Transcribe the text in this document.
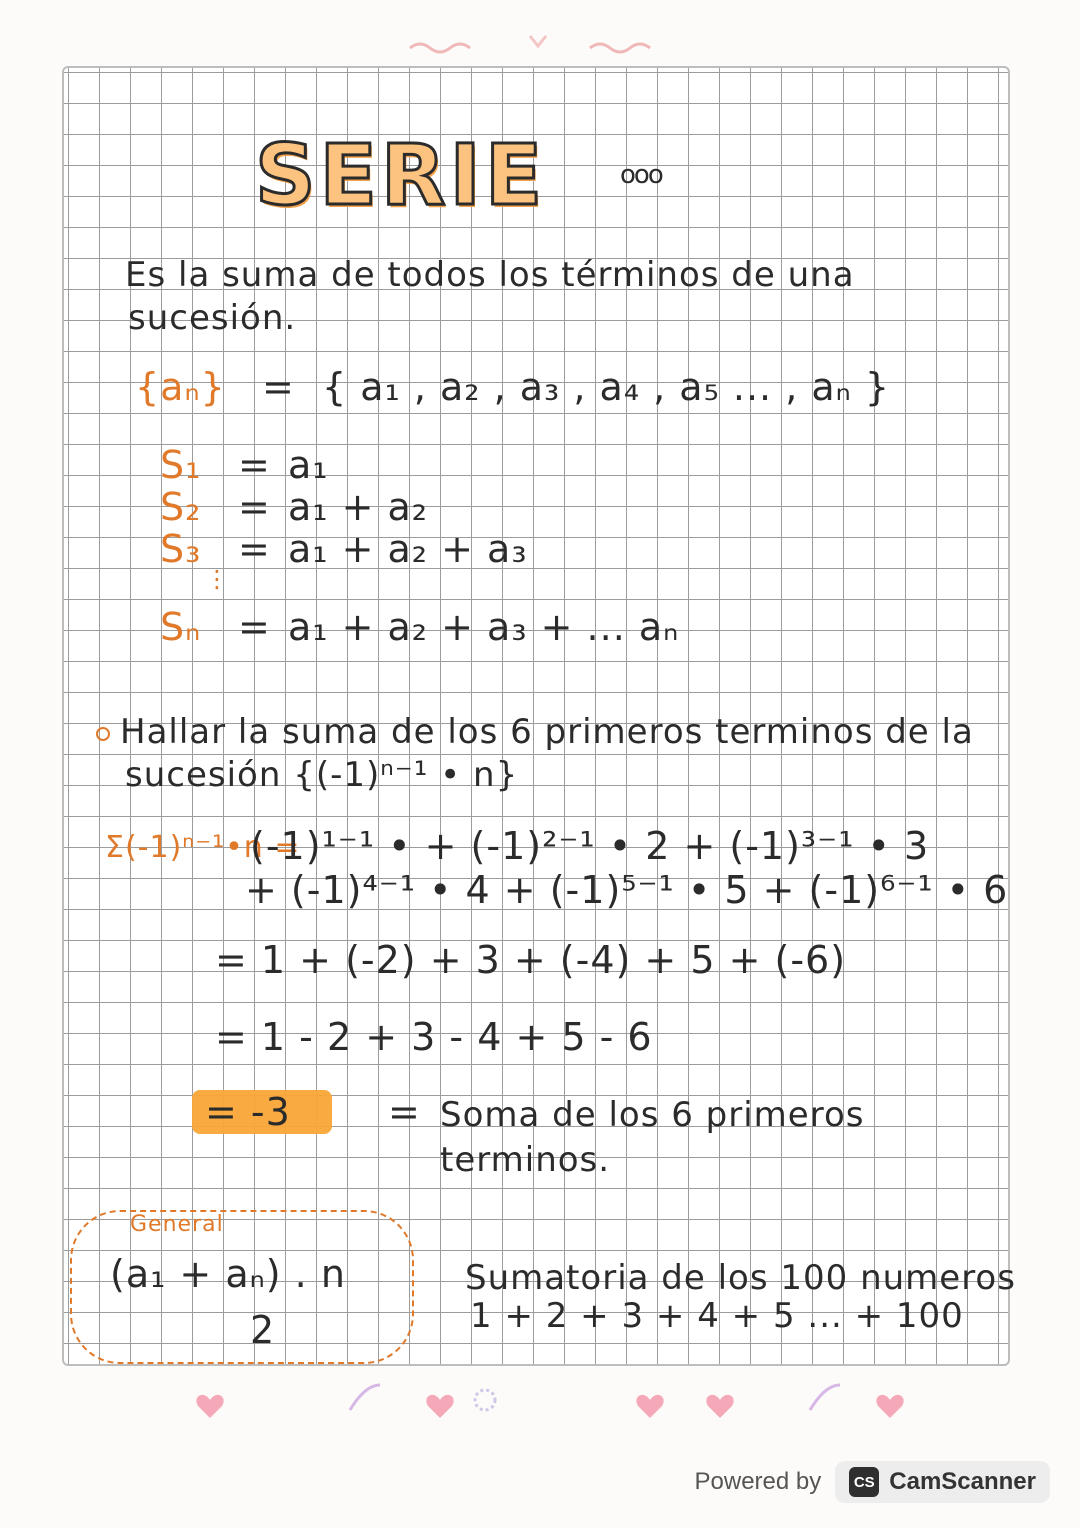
SERIE	ooo
Es la suma de todos los términos de una
sucesión.
{aₙ} = { a₁ , a₂ , a₃ , a₄ , a₅ ... , aₙ }
S₁ = a₁
S₂ = a₁ + a₂
S₃ = a₁ + a₂ + a₃
⋮
Sₙ = a₁ + a₂ + a₃ + ... aₙ
Hallar la suma de los 6 primeros terminos de la
sucesión {(-1)ⁿ⁻¹ • n}
Σ(-1)ⁿ⁻¹•n =
(-1)¹⁻¹ • + (-1)²⁻¹ • 2 + (-1)³⁻¹ • 3
+ (-1)⁴⁻¹ • 4 + (-1)⁵⁻¹ • 5 + (-1)⁶⁻¹ • 6
= 1 + (-2) + 3 + (-4) + 5 + (-6)
= 1 - 2 + 3 - 4 + 5 - 6
= -3	= Soma de los 6 primeros
terminos.
General
(a₁ + aₙ) . n
2
Sumatoria de los 100 numeros
1 + 2 + 3 + 4 + 5 ... + 100
Powered by	CS CamScanner
